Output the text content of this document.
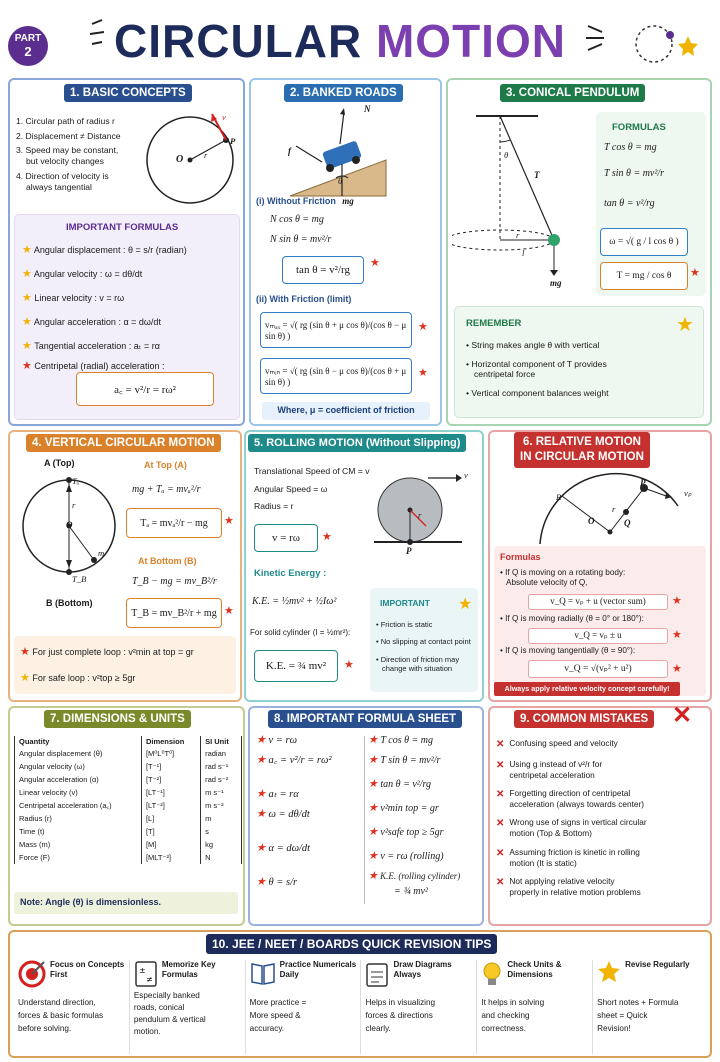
PART
2	CIRCULAR MOTION
1. BASIC CONCEPTS
1. Circular path of radius r
2. Displacement ≠ Distance
3. Speed may be constant,
but velocity changes
4. Direction of velocity is
always tangential
O r
P
v⃗
IMPORTANT FORMULAS
★ Angular displacement : θ = s/r (radian)
★ Angular velocity : ω = dθ/dt
★ Linear velocity : v = rω
★ Angular acceleration : α = dω/dt
★ Tangential acceleration : aₜ = rα
★ Centripetal (radial) acceleration :
a꜀ = v²/r = rω²
2. BANKED ROADS
N
f
θ
(i) Without Friction mg
N cos θ = mg
N sin θ = mv²/r
tan θ = v²/rg
★
(ii) With Friction (limit)
vₘₐₓ = √( rg (sin θ + μ cos θ)/(cos θ − μ sin θ) )
★
vₘᵢₙ = √( rg (sin θ − μ cos θ)/(cos θ + μ sin θ) )
★
Where, μ = coefficient of friction
3. CONICAL PENDULUM
θ
T
r
l
mg
FORMULAS
T cos θ = mg
T sin θ = mv²/r
tan θ = v²/rg
ω = √( g / l cos θ )
T = mg / cos θ	★
REMEMBER	★
• String makes angle θ with vertical
• Horizontal component of T provides
centripetal force
• Vertical component balances weight
4. VERTICAL CIRCULAR MOTION
A (Top)
Tₐ
r
O
m
T_B
B (Bottom)
At Top (A)
mg + Tₐ = mvₐ²/r
Tₐ = mvₐ²/r − mg	★
At Bottom (B)
T_B − mg = mv_B²/r
T_B = mv_B²/r + mg ★
★ For just complete loop : v²min at top = gr
★ For safe loop : v²top ≥ 5gr
5. ROLLING MOTION (Without Slipping)
Translational Speed of CM = v
Angular Speed = ω
Radius = r
v = rω	★
v⃗
r
P
Kinetic Energy :
K.E. = ½mv² + ½Iω²
For solid cylinder (I = ½mr²):
K.E. = ¾ mv²	★
IMPORTANT ★
• Friction is static
• No slipping at contact point
• Direction of friction may
change with situation
6. RELATIVE MOTION
IN CIRCULAR MOTION
R
P
O	Q
r
vₚ
Formulas
• If Q is moving on a rotating body:
Absolute velocity of Q,
v_Q = vₚ + u (vector sum)	★
• If Q is moving radially (θ = 0° or 180°):
v_Q = vₚ ± u	★
• If Q is moving tangentially (θ = 90°):
v_Q = √(vₚ² + u²)	★
Always apply relative velocity concept carefully!
7. DIMENSIONS & UNITS
Quantity	Dimension	SI Unit
Angular displacement (θ)	[M⁰L⁰T⁰]	radian
Angular velocity (ω)	[T⁻¹]	rad s⁻¹
Angular acceleration (α)	[T⁻²]	rad s⁻²
Linear velocity (v)	[LT⁻¹]	m s⁻¹
Centripetal acceleration (a꜀)	[LT⁻²]	m s⁻²
Radius (r)	[L]	m
Time (t)	[T]	s
Mass (m)	[M]	kg
Force (F)	[MLT⁻²]	N
Note: Angle (θ) is dimensionless.
8. IMPORTANT FORMULA SHEET
★ v = rω
★ a꜀ = v²/r = rω²
★ aₜ = rα
★ ω = dθ/dt
★ α = dω/dt
★ θ = s/r
★ T cos θ = mg
★ T sin θ = mv²/r
★ tan θ = v²/rg
★ v²min top = gr
★ v²safe top ≥ 5gr
★ v = rω (rolling)
★ K.E. (rolling cylinder)
= ¾ mv²
9. COMMON MISTAKES ✕
✕ Confusing speed and velocity
✕ Using g instead of v²/r for
centripetal acceleration
✕ Forgetting direction of centripetal
acceleration (always towards center)
✕ Wrong use of signs in vertical circular
motion (Top & Bottom)
✕ Assuming friction is kinetic in rolling
motion (It is static)
✕ Not applying relative velocity
properly in relative motion problems
10. JEE / NEET / BOARDS QUICK REVISION TIPS
Focus on Concepts
First
Understand direction,
forces & basic formulas
before solving.
±
≠
Memorize Key
Formulas
Especially banked
roads, conical
pendulum & vertical
motion.
Practice Numericals
Daily
More practice =
More speed &
accuracy.
Draw Diagrams
Always
Helps in visualizing
forces & directions
clearly.
Check Units &
Dimensions
It helps in solving
and checking
correctness.
Revise Regularly
Short notes + Formula
sheet = Quick
Revision!
